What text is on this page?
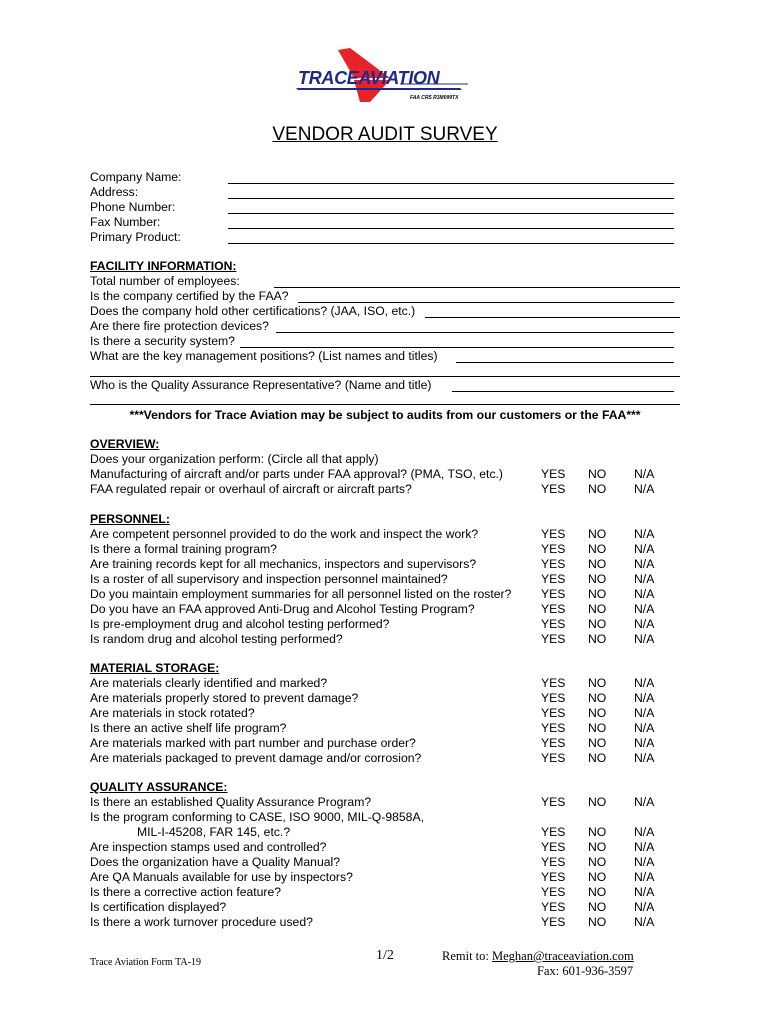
TRACEAVIATION
FAA CRS R3M099TX
VENDOR AUDIT SURVEY
Company Name:
Address:
Phone Number:
Fax Number:
Primary Product:
FACILITY INFORMATION:
Total number of employees:
Is the company certified by the FAA?
Does the company hold other certifications? (JAA, ISO, etc.)
Are there fire protection devices?
Is there a security system?
What are the key management positions? (List names and titles)
Who is the Quality Assurance Representative? (Name and title)
***Vendors for Trace Aviation may be subject to audits from our customers or the FAA***
OVERVIEW:
Does your organization perform: (Circle all that apply)
Manufacturing of aircraft and/or parts under FAA approval? (PMA, TSO, etc.)
FAA regulated repair or overhaul of aircraft or aircraft parts?
YES NO N/A
YES NO N/A
PERSONNEL:
Are competent personnel provided to do the work and inspect the work?
Is there a formal training program?
Are training records kept for all mechanics, inspectors and supervisors?
Is a roster of all supervisory and inspection personnel maintained?
Do you maintain employment summaries for all personnel listed on the roster?
Do you have an FAA approved Anti-Drug and Alcohol Testing Program?
Is pre-employment drug and alcohol testing performed?
Is random drug and alcohol testing performed?
YES NO N/A
YES NO N/A
YES NO N/A
YES NO N/A
YES NO N/A
YES NO N/A
YES NO N/A
YES NO N/A
MATERIAL STORAGE:
Are materials clearly identified and marked?
Are materials properly stored to prevent damage?
Are materials in stock rotated?
Is there an active shelf life program?
Are materials marked with part number and purchase order?
Are materials packaged to prevent damage and/or corrosion?
YES NO N/A
YES NO N/A
YES NO N/A
YES NO N/A
YES NO N/A
YES NO N/A
QUALITY ASSURANCE:
Is there an established Quality Assurance Program?
Is the program conforming to CASE, ISO 9000, MIL-Q-9858A,
MIL-I-45208, FAR 145, etc.?
Are inspection stamps used and controlled?
Does the organization have a Quality Manual?
Are QA Manuals available for use by inspectors?
Is there a corrective action feature?
Is certification displayed?
Is there a work turnover procedure used?
YES NO N/A
YES NO N/A
YES NO N/A
YES NO N/A
YES NO N/A
YES NO N/A
YES NO N/A
YES NO N/A
Trace Aviation Form TA-19	1/2	Remit to: Meghan@traceaviation.com
Fax: 601-936-3597
